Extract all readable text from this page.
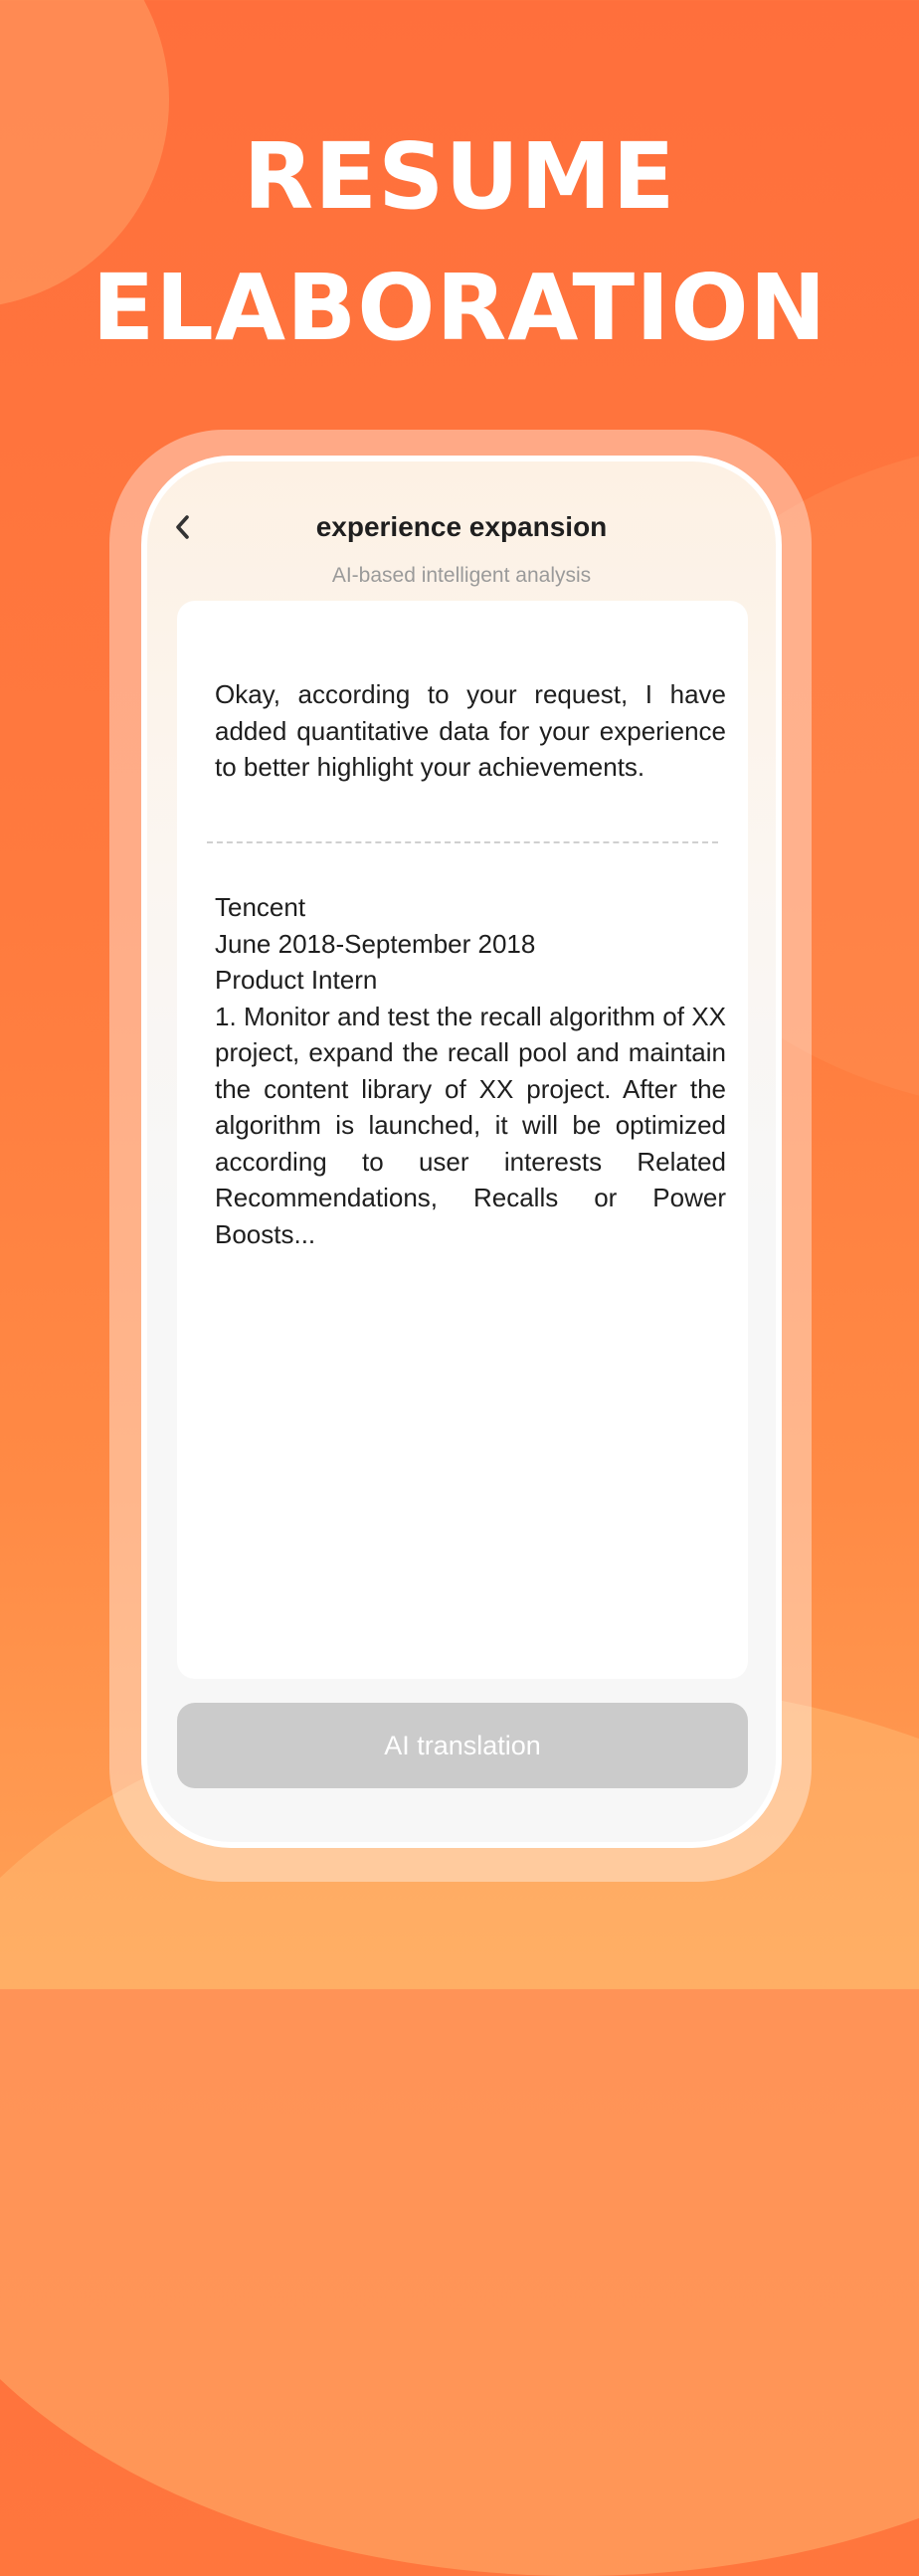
RESUME
ELABORATION
experience expansion
AI-based intelligent analysis
Okay, according to your request, I have added quantitative data for your experience to better highlight your achievements.
Tencent
June 2018-September 2018
Product Intern
1. Monitor and test the recall algorithm of XX project, expand the recall pool and maintain the content library of XX project. After the algorithm is launched, it will be optimized according to user interests Related Recommendations, Recalls or Power Boosts...
AI translation
